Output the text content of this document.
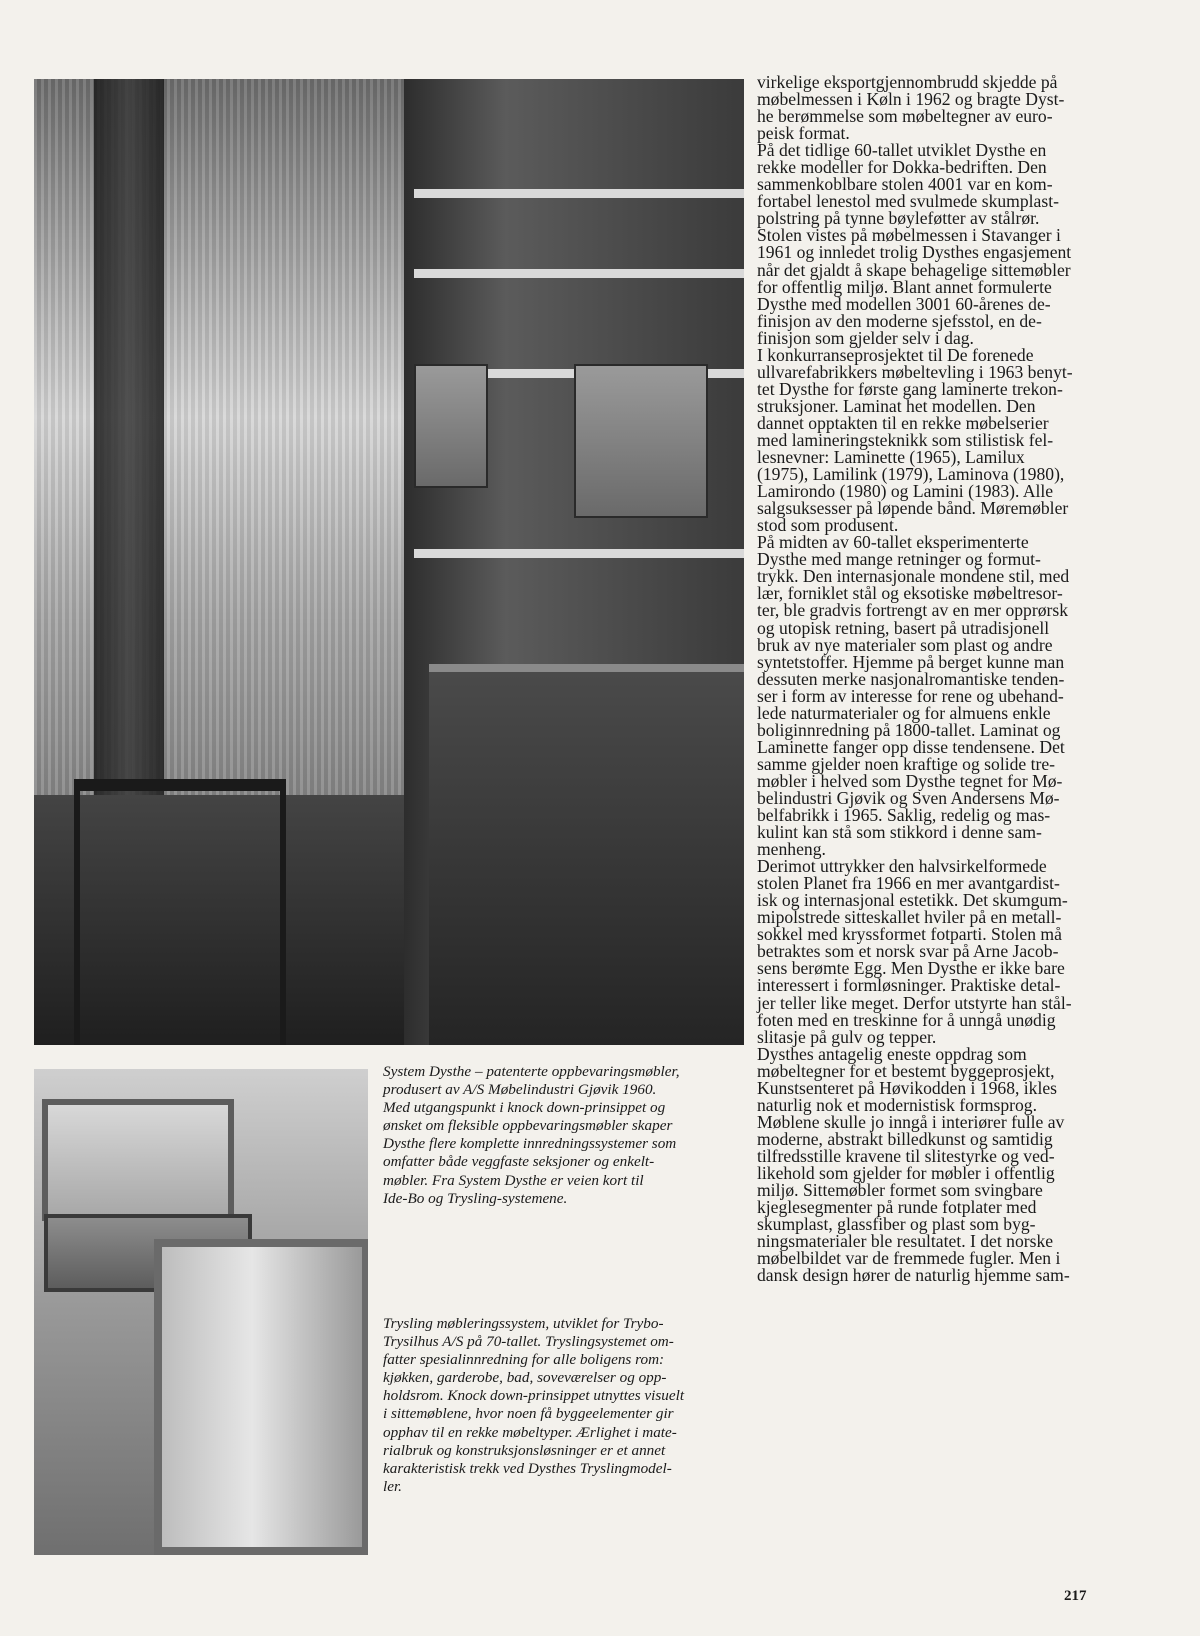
System Dysthe – patenterte oppbevaringsmøbler,
produsert av A/S Møbelindustri Gjøvik 1960.
Med utgangspunkt i knock down-prinsippet og
ønsket om fleksible oppbevaringsmøbler skaper
Dysthe flere komplette innredningssystemer som
omfatter både veggfaste seksjoner og enkelt-
møbler. Fra System Dysthe er veien kort til
Ide-Bo og Trysling-systemene.

Trysling møbleringssystem, utviklet for Trybo-
Trysilhus A/S på 70-tallet. Tryslingsystemet om-
fatter spesialinnredning for alle boligens rom:
kjøkken, garderobe, bad, soveværelser og opp-
holdsrom. Knock down-prinsippet utnyttes visuelt
i sittemøblene, hvor noen få byggeelementer gir
opphav til en rekke møbeltyper. Ærlighet i mate-
rialbruk og konstruksjonsløsninger er et annet
karakteristisk trekk ved Dysthes Tryslingmodel-
ler.

virkelige eksportgjennombrudd skjedde på
møbelmessen i Køln i 1962 og bragte Dyst-
he berømmelse som møbeltegner av euro-
peisk format.

På det tidlige 60-tallet utviklet Dysthe en
rekke modeller for Dokka-bedriften. Den
sammenkoblbare stolen 4001 var en kom-
fortabel lenestol med svulmede skumplast-
polstring på tynne bøyleføtter av stålrør.
Stolen vistes på møbelmessen i Stavanger i
1961 og innledet trolig Dysthes engasjement
når det gjaldt å skape behagelige sittemøbler
for offentlig miljø. Blant annet formulerte
Dysthe med modellen 3001 60-årenes de-
finisjon av den moderne sjefsstol, en de-
finisjon som gjelder selv i dag.

I konkurranseprosjektet til De forenede
ullvarefabrikkers møbeltevling i 1963 benyt-
tet Dysthe for første gang laminerte trekon-
struksjoner. Laminat het modellen. Den
dannet opptakten til en rekke møbelserier
med lamineringsteknikk som stilistisk fel-
lesnevner: Laminette (1965), Lamilux
(1975), Lamilink (1979), Laminova (1980),
Lamirondo (1980) og Lamini (1983). Alle
salgsuksesser på løpende bånd. Møremøbler
stod som produsent.

På midten av 60-tallet eksperimenterte
Dysthe med mange retninger og formut-
trykk. Den internasjonale mondene stil, med
lær, forniklet stål og eksotiske møbeltresor-
ter, ble gradvis fortrengt av en mer opprørsk
og utopisk retning, basert på utradisjonell
bruk av nye materialer som plast og andre
syntetstoffer. Hjemme på berget kunne man
dessuten merke nasjonalromantiske tenden-
ser i form av interesse for rene og ubehand-
lede naturmaterialer og for almuens enkle
boliginnredning på 1800-tallet. Laminat og
Laminette fanger opp disse tendensene. Det
samme gjelder noen kraftige og solide tre-
møbler i helved som Dysthe tegnet for Mø-
belindustri Gjøvik og Sven Andersens Mø-
belfabrikk i 1965. Saklig, redelig og mas-
kulint kan stå som stikkord i denne sam-
menheng.

Derimot uttrykker den halvsirkelformede
stolen Planet fra 1966 en mer avantgardist-
isk og internasjonal estetikk. Det skumgum-
mipolstrede sitteskallet hviler på en metall-
sokkel med kryssformet fotparti. Stolen må
betraktes som et norsk svar på Arne Jacob-
sens berømte Egg. Men Dysthe er ikke bare
interessert i formløsninger. Praktiske detal-
jer teller like meget. Derfor utstyrte han stål-
foten med en treskinne for å unngå unødig
slitasje på gulv og tepper.

Dysthes antagelig eneste oppdrag som
møbeltegner for et bestemt byggeprosjekt,
Kunstsenteret på Høvikodden i 1968, ikles
naturlig nok et modernistisk formsprog.
Møblene skulle jo inngå i interiører fulle av
moderne, abstrakt billedkunst og samtidig
tilfredsstille kravene til slitestyrke og ved-
likehold som gjelder for møbler i offentlig
miljø. Sittemøbler formet som svingbare
kjeglesegmenter på runde fotplater med
skumplast, glassfiber og plast som byg-
ningsmaterialer ble resultatet. I det norske
møbelbildet var de fremmede fugler. Men i
dansk design hører de naturlig hjemme sam-

217
